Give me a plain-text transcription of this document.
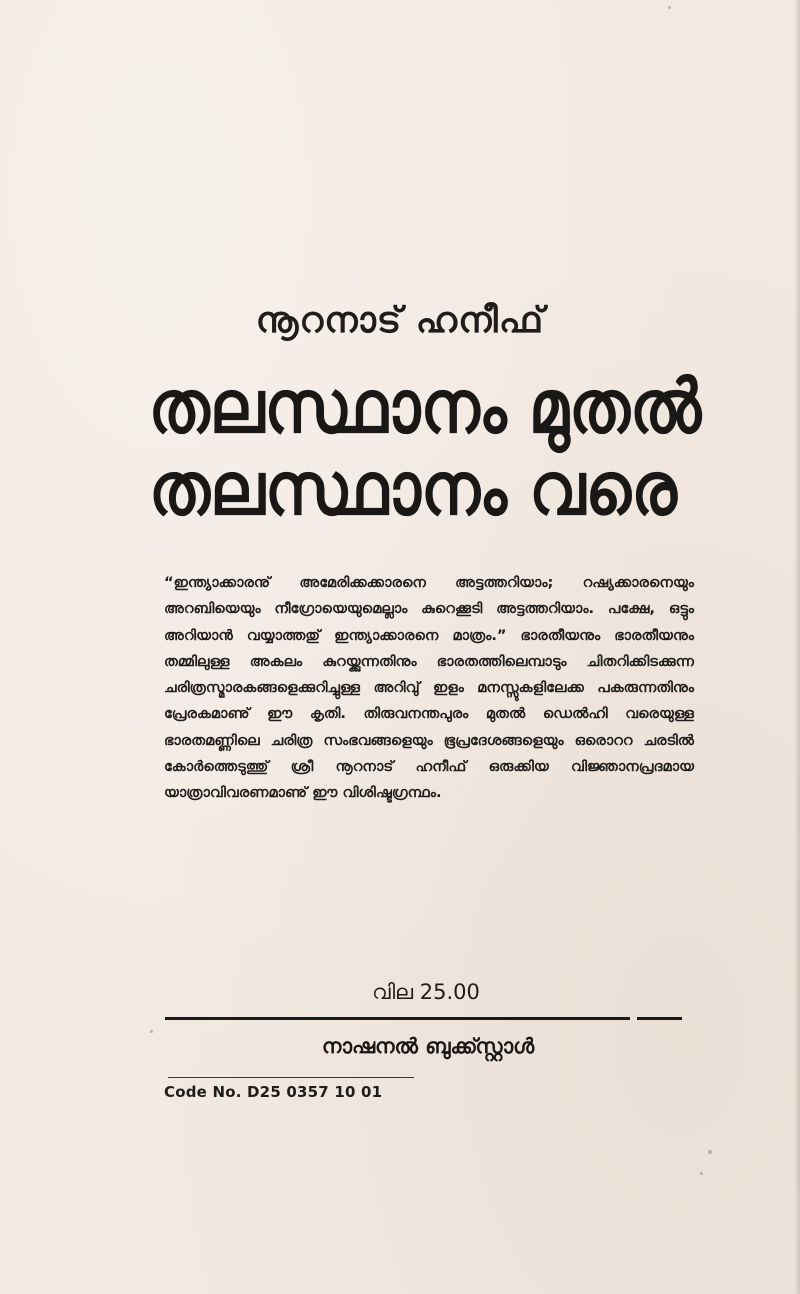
നൂറനാട് ഹനീഫ്
തലസ്ഥാനം മുതൽ
തലസ്ഥാനം വരെ

“ഇന്ത്യാക്കാരനു് അമേരിക്കക്കാരനെ അട്ടത്തറിയാം; റഷ്യക്കാരനെയും അറബിയെയും നീഗ്രോയെയുമെല്ലാം കുറെക്കൂടി അട്ടത്തറിയാം. പക്ഷേ, ഒട്ടും അറിയാൻ വയ്യാത്തതു് ഇന്ത്യാക്കാരനെ മാത്രം.” ഭാരതീയനും ഭാരതീയനും തമ്മിലുള്ള അകലം കുറയ്ക്കുന്നതിനും ഭാരതത്തിലെമ്പാടും ചിതറിക്കിടക്കുന്ന ചരിത്രസ്മാരകങ്ങളെക്കുറിച്ചുള്ള അറിവു് ഇളം മനസ്സുകളിലേക്ക പകരുന്നതിനും പ്രേരകമാണു് ഈ കൃതി. തിരുവനന്തപുരം മുതൽ ഡെൽഹി വരെയുള്ള ഭാരതമണ്ണിലെ ചരിത്ര സംഭവങ്ങളെയും ഭൂപ്രദേശങ്ങളെയും ഒരൊററ ചരടിൽ കോർത്തെടുത്തു് ശ്രീ നൂറനാട് ഹനീഫ് ഒരുക്കിയ വിജ്ഞാനപ്രദമായ യാത്രാവിവരണമാണു് ഈ വിശിഷ്ടഗ്രന്ഥം.

വില 25.00
നാഷനൽ ബുക്ക്സ്റ്റാൾ
Code No. D25 0357 10 01
